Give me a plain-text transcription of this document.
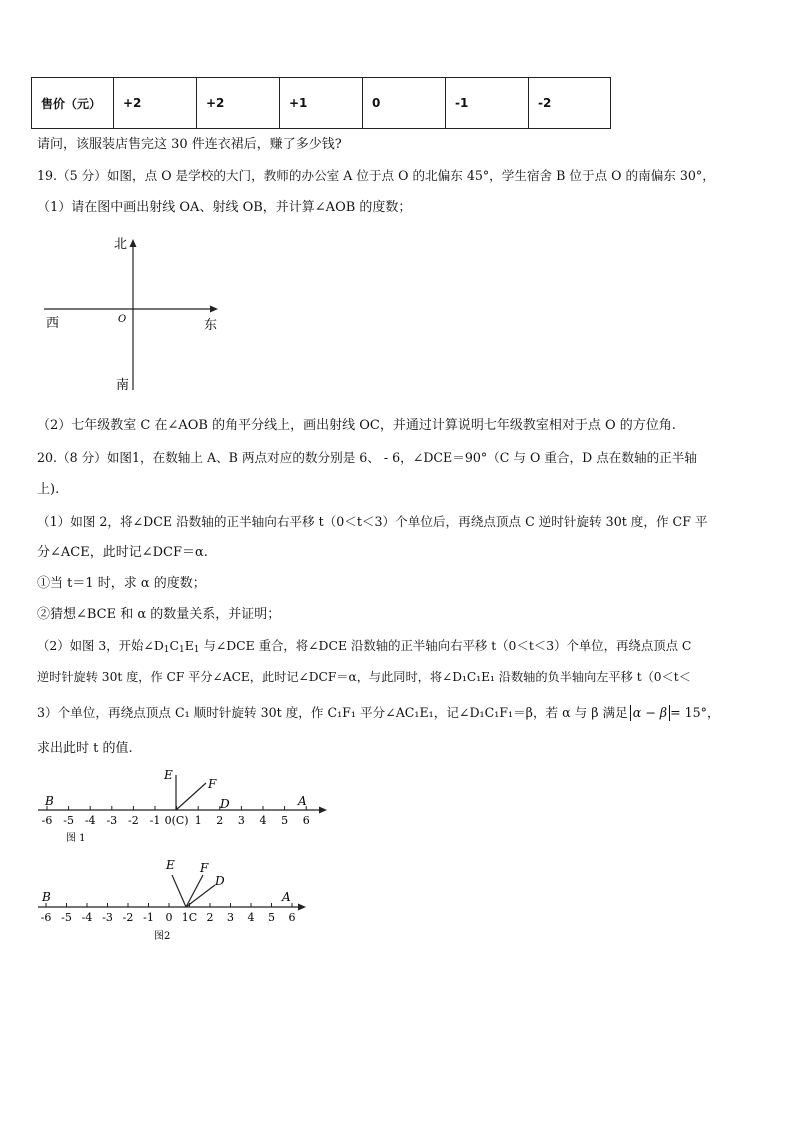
售价（元）	+2	+2	+1	0	-1	-2
请问，该服装店售完这 30 件连衣裙后，赚了多少钱?
19.（5 分）如图，点 O 是学校的大门，教师的办公室 A 位于点 O 的北偏东 45°，学生宿舍 B 位于点 O 的南偏东 30°，
（1）请在图中画出射线 OA、射线 OB，并计算∠AOB 的度数；
北
南
西	东
O
（2）七年级教室 C 在∠AOB 的角平分线上，画出射线 OC，并通过计算说明七年级教室相对于点 O 的方位角.
20.（8 分）如图1，在数轴上 A、B 两点对应的数分别是 6、 - 6，∠DCE＝90°（C 与 O 重合，D 点在数轴的正半轴
上).
（1）如图 2，将∠DCE 沿数轴的正半轴向右平移 t（0＜t＜3）个单位后，再绕点顶点 C 逆时针旋转 30t 度，作 CF 平
分∠ACE，此时记∠DCF＝α.
①当 t＝1 时，求 α 的度数；
②猜想∠BCE 和 α 的数量关系，并证明；
（2）如图 3，开始$\angle D_1C_1E_1$ 与∠DCE 重合，将∠DCE 沿数轴的正半轴向右平移 t（0＜t＜3）个单位，再绕点顶点 C
逆时针旋转 30t 度，作 CF 平分∠ACE，此时记∠DCF＝α，与此同时，将∠D₁C₁E₁ 沿数轴的负半轴向左平移 t（0＜t＜
3）个单位，再绕点顶点 C₁ 顺时针旋转 30t 度，作 C₁F₁ 平分∠AC₁E₁，记∠D₁C₁F₁＝β，若 α 与 β 满足 α − β = 15°，
求出此时 t 的值.
-6 -5 -4 -3 -2 -1 0(C) 1 2 3 4 5 6
E
F
D
B	A
图 1
-6 -5 -4 -3 -2 -1 0 1C 2 3 4 5 6
E F
D
B	A
图2
